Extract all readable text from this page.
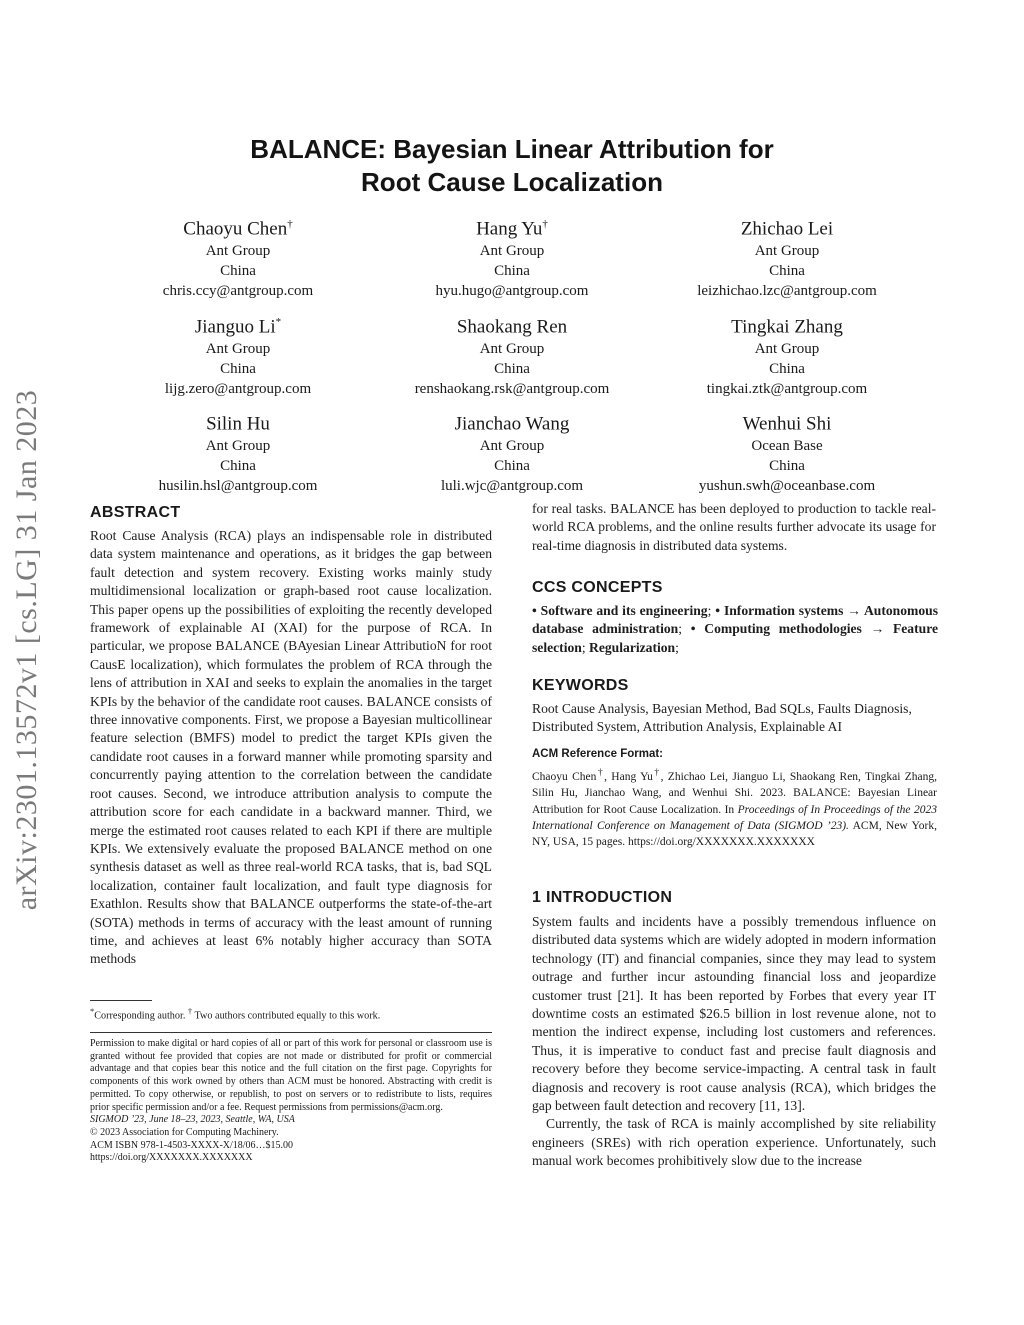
arXiv:2301.13572v1 [cs.LG] 31 Jan 2023
BALANCE: Bayesian Linear Attribution for
Root Cause Localization
Chaoyu Chen†
Ant Group
China
chris.ccy@antgroup.com
Hang Yu†
Ant Group
China
hyu.hugo@antgroup.com
Zhichao Lei
Ant Group
China
leizhichao.lzc@antgroup.com
Jianguo Li*
Ant Group
China
lijg.zero@antgroup.com
Shaokang Ren
Ant Group
China
renshaokang.rsk@antgroup.com
Tingkai Zhang
Ant Group
China
tingkai.ztk@antgroup.com
Silin Hu
Ant Group
China
husilin.hsl@antgroup.com
Jianchao Wang
Ant Group
China
luli.wjc@antgroup.com
Wenhui Shi
Ocean Base
China
yushun.swh@oceanbase.com
ABSTRACT
Root Cause Analysis (RCA) plays an indispensable role in distributed data system maintenance and operations, as it bridges the gap between fault detection and system recovery. Existing works mainly study multidimensional localization or graph-based root cause localization. This paper opens up the possibilities of exploiting the recently developed framework of explainable AI (XAI) for the purpose of RCA. In particular, we propose BALANCE (BAyesian Linear AttributioN for root CausE localization), which formulates the problem of RCA through the lens of attribution in XAI and seeks to explain the anomalies in the target KPIs by the behavior of the candidate root causes. BALANCE consists of three innovative components. First, we propose a Bayesian multicollinear feature selection (BMFS) model to predict the target KPIs given the candidate root causes in a forward manner while promoting sparsity and concurrently paying attention to the correlation between the candidate root causes. Second, we introduce attribution analysis to compute the attribution score for each candidate in a backward manner. Third, we merge the estimated root causes related to each KPI if there are multiple KPIs. We extensively evaluate the proposed BALANCE method on one synthesis dataset as well as three real-world RCA tasks, that is, bad SQL localization, container fault localization, and fault type diagnosis for Exathlon. Results show that BALANCE outperforms the state-of-the-art (SOTA) methods in terms of accuracy with the least amount of running time, and achieves at least 6% notably higher accuracy than SOTA methods
*Corresponding author. † Two authors contributed equally to this work.
Permission to make digital or hard copies of all or part of this work for personal or classroom use is granted without fee provided that copies are not made or distributed for profit or commercial advantage and that copies bear this notice and the full citation on the first page. Copyrights for components of this work owned by others than ACM must be honored. Abstracting with credit is permitted. To copy otherwise, or republish, to post on servers or to redistribute to lists, requires prior specific permission and/or a fee. Request permissions from permissions@acm.org.
SIGMOD ’23, June 18–23, 2023, Seattle, WA, USA
© 2023 Association for Computing Machinery.
ACM ISBN 978-1-4503-XXXX-X/18/06…$15.00
https://doi.org/XXXXXXX.XXXXXXX
for real tasks. BALANCE has been deployed to production to tackle real-world RCA problems, and the online results further advocate its usage for real-time diagnosis in distributed data systems.
CCS CONCEPTS
• Software and its engineering; • Information systems → Autonomous database administration; • Computing methodologies → Feature selection; Regularization;
KEYWORDS
Root Cause Analysis, Bayesian Method, Bad SQLs, Faults Diagnosis, Distributed System, Attribution Analysis, Explainable AI
ACM Reference Format:
Chaoyu Chen†, Hang Yu†, Zhichao Lei, Jianguo Li, Shaokang Ren, Tingkai Zhang, Silin Hu, Jianchao Wang, and Wenhui Shi. 2023. BALANCE: Bayesian Linear Attribution for Root Cause Localization. In Proceedings of In Proceedings of the 2023 International Conference on Management of Data (SIGMOD ’23). ACM, New York, NY, USA, 15 pages. https://doi.org/XXXXXXX.XXXXXXX
1 INTRODUCTION

System faults and incidents have a possibly tremendous influence on distributed data systems which are widely adopted in modern information technology (IT) and financial companies, since they may lead to system outrage and further incur astounding financial loss and jeopardize customer trust [21]. It has been reported by Forbes that every year IT downtime costs an estimated $26.5 billion in lost revenue alone, not to mention the indirect expense, including lost customers and references. Thus, it is imperative to conduct fast and precise fault diagnosis and recovery before they become service-impacting. A central task in fault diagnosis and recovery is root cause analysis (RCA), which bridges the gap between fault detection and recovery [11, 13].

Currently, the task of RCA is mainly accomplished by site reliability engineers (SREs) with rich operation experience. Unfortunately, such manual work becomes prohibitively slow due to the increase
